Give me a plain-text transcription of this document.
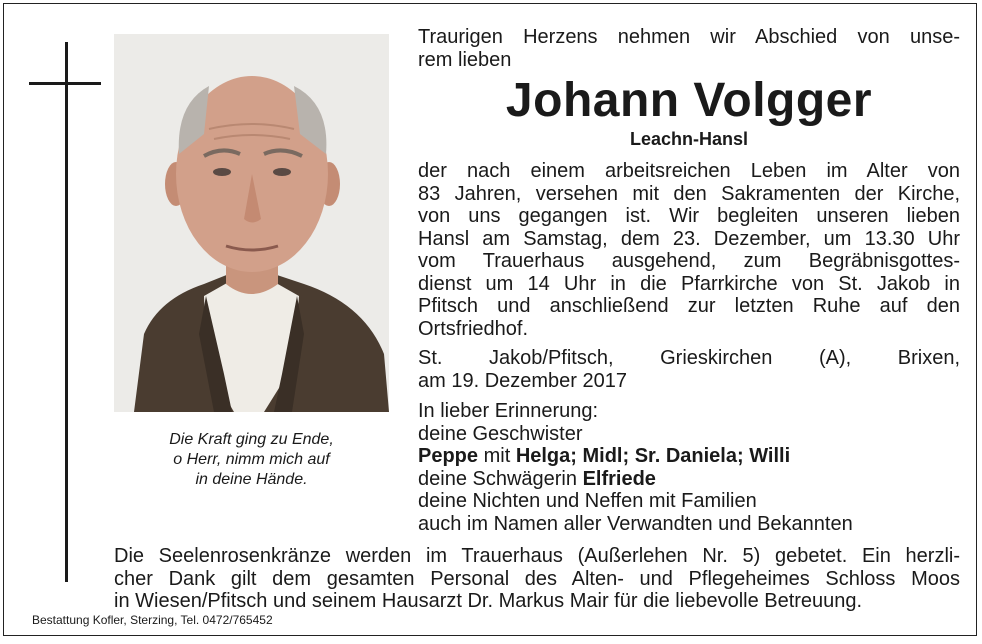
Die Kraft ging zu Ende,
o Herr, nimm mich auf
in deine Hände.
Traurigen Herzens nehmen wir Abschied von unse-
rem lieben
Johann Volgger
Leachn-Hansl
der nach einem arbeitsreichen Leben im Alter von
83 Jahren, versehen mit den Sakramenten der Kirche,
von uns gegangen ist. Wir begleiten unseren lieben
Hansl am Samstag, dem 23. Dezember, um 13.30 Uhr
vom Trauerhaus ausgehend, zum Begräbnisgottes-
dienst um 14 Uhr in die Pfarrkirche von St. Jakob in
Pfitsch und anschließend zur letzten Ruhe auf den
Ortsfriedhof.
St. Jakob/Pfitsch, Grieskirchen (A), Brixen,
am 19. Dezember 2017
In lieber Erinnerung:
deine Geschwister
Peppe mit Helga; Midl; Sr. Daniela; Willi
deine Schwägerin Elfriede
deine Nichten und Neffen mit Familien
auch im Namen aller Verwandten und Bekannten
Die Seelenrosenkränze werden im Trauerhaus (Außerlehen Nr. 5) gebetet. Ein herzli-
cher Dank gilt dem gesamten Personal des Alten- und Pflegeheimes Schloss Moos
in Wiesen/Pfitsch und seinem Hausarzt Dr. Markus Mair für die liebevolle Betreuung.
Bestattung Kofler, Sterzing, Tel. 0472/765452
